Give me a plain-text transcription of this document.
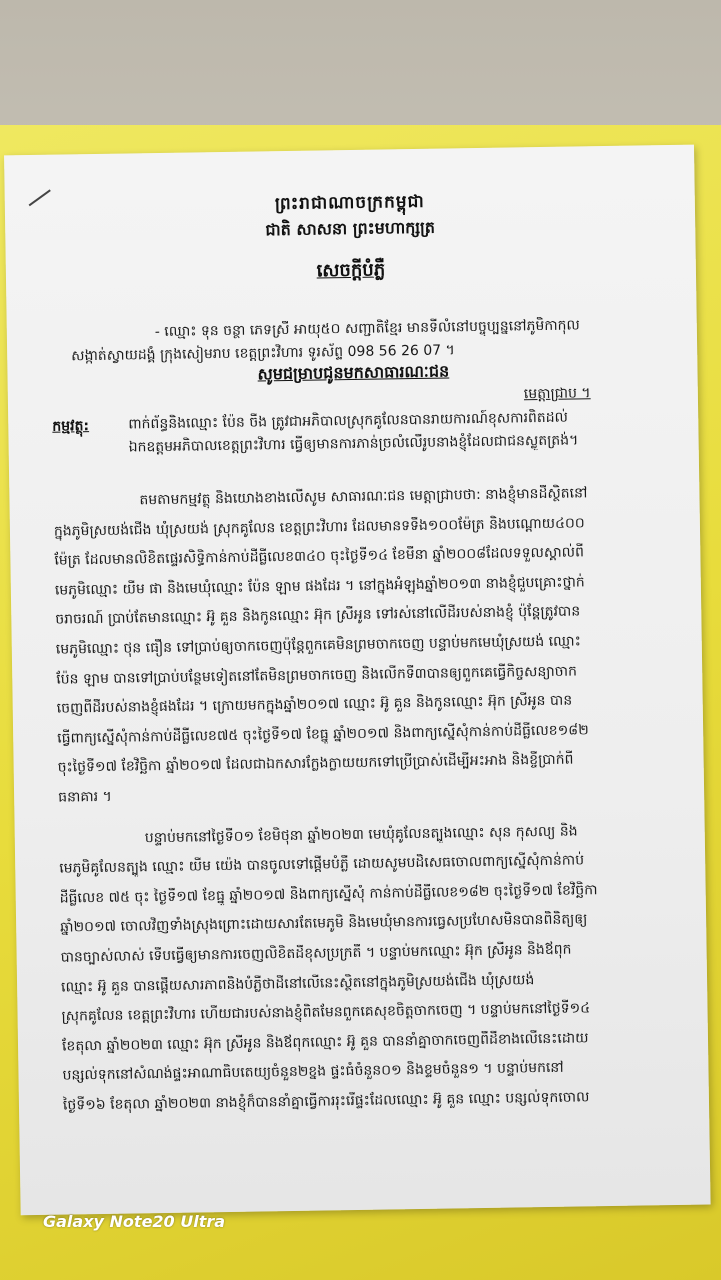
ព្រះរាជាណាចក្រកម្ពុជា
ជាតិ សាសនា ព្រះមហាក្សត្រ
សេចក្ដីបំភ្លឺ
- ឈ្មោះ ទុន ចន្ថា ភេទស្រី អាយុ៥០ សញ្ជាតិខ្មែរ មានទីលំនៅបច្ចុប្បន្ននៅភូមិកាកុល
សង្កាត់ស្វាយដង្គំ ក្រុងសៀមរាប ខេត្តព្រះវិហារ ទូរស័ព្ទ 098 56 26 07 ។
សូមជម្រាបជូនមកសាធារណៈជន
មេត្តាជ្រាប ។
កម្មវត្ថុ:	ពាក់ព័ន្ធនិងឈ្មោះ ប៉ែន ចឹង ត្រូវជាអភិបាលស្រុកគូលែនបានរាយការណ៍ខុសការពិតដល់
ឯកឧត្តមអភិបាលខេត្តព្រះវិហារ ធ្វើឲ្យមានការភាន់ច្រលំលើរូបនាងខ្ញុំដែលជាជនស្លូតត្រង់។
តមតាមកម្មវត្ថុ និងយោងខាងលើសូម សាធារណៈជន មេត្តាជ្រាបថា: នាងខ្ញុំមានដីស្ថិតនៅ
ក្នុងភូមិស្រយង់ជើង ឃុំស្រយង់ ស្រុកគូលែន ខេត្តព្រះវិហារ ដែលមានទទឹង១០០ម៉ែត្រ និងបណ្ដោយ៤០០
ម៉ែត្រ ដែលមានលិខិតផ្ទេរសិទ្ធិកាន់កាប់ដីធ្លីលេខ៣៤០ ចុះថ្ងៃទី១៤ ខែមីនា ឆ្នាំ២០០៨ដែលទទួលស្គាល់ពី
មេភូមិឈ្មោះ យឹម ផា និងមេឃុំឈ្មោះ ប៉ែន ឡាម ផងដែរ ។ នៅក្នុងអំឡុងឆ្នាំ២០១៣ នាងខ្ញុំជួបគ្រោះថ្នាក់
ចរាចរណ៍ ប្រាប់តែមានឈ្មោះ អ៊ូ គួន និងកូនឈ្មោះ អ៊ុក ស្រីអូន ទៅរស់នៅលើដីរបស់នាងខ្ញុំ ប៉ុន្តែត្រូវបាន
មេភូមិឈ្មោះ ថុន ធឿន ទៅប្រាប់ឲ្យចាកចេញប៉ុន្តែពួកគេមិនព្រមចាកចេញ បន្ទាប់មកមេឃុំស្រយង់ ឈ្មោះ
ប៉ែន ឡាម បានទៅប្រាប់បន្ថែមទៀតនៅតែមិនព្រមចាកចេញ និងលើកទី៣បានឲ្យពួកគេធ្វើកិច្ចសន្យាចាក
ចេញពីដីរបស់នាងខ្ញុំផងដែរ ។ ក្រោយមកក្នុងឆ្នាំ២០១៧ ឈ្មោះ អ៊ូ គួន និងកូនឈ្មោះ អ៊ុក ស្រីអូន បាន
ធ្វើពាក្យស្នើសុំកាន់កាប់ដីធ្លីលេខ៧៥ ចុះថ្ងៃទី១៧ ខែធ្នូ ឆ្នាំ២០១៧ និងពាក្យស្នើសុំកាន់កាប់ដីធ្លីលេខ១៨២
ចុះថ្ងៃទី១៧ ខែវិច្ឆិកា ឆ្នាំ២០១៧ ដែលជាឯកសារក្លែងក្លាយយកទៅប្រើប្រាស់ដើម្បីអះអាង និងខ្ចីប្រាក់ពី
ធនាគារ ។
បន្ទាប់មកនៅថ្ងៃទី០១ ខែមិថុនា ឆ្នាំ២០២៣ មេឃុំគូលែនត្បូងឈ្មោះ សុន កុសល្យ និង
មេភូមិគូលែនត្បូង ឈ្មោះ យឹម យ៉េង បានចូលទៅផ្ដើមបំភ្លឺ ដោយសូមបដិសេធចោលពាក្យស្នើសុំកាន់កាប់
ដីធ្លីលេខ ៧៥ ចុះ ថ្ងៃទី១៧ ខែធ្នូ ឆ្នាំ២០១៧ និងពាក្យស្នើសុំ កាន់កាប់ដីធ្លីលេខ១៨២ ចុះថ្ងៃទី១៧ ខែវិច្ឆិកា
ឆ្នាំ២០១៧ ចោលវិញទាំងស្រុងព្រោះដោយសារតែមេភូមិ និងមេឃុំមានការធ្វេសប្រហែសមិនបានពិនិត្យឲ្យ
បានច្បាស់លាស់ ទើបធ្វើឲ្យមានការចេញលិខិតដីខុសប្រក្រតី ។ បន្ទាប់មកឈ្មោះ អ៊ុក ស្រីអូន និងឪពុក
ឈ្មោះ អ៊ូ គួន បានផ្ដើយសារភាពនិងបំភ្លឺថាដីនៅលើនេះស្ថិតនៅក្នុងភូមិស្រយង់ជើង ឃុំស្រយង់
ស្រុកគូលែន ខេត្តព្រះវិហារ ហើយជារបស់នាងខ្ញុំពិតមែនពួកគេសុខចិត្តចាកចេញ ។ បន្ទាប់មកនៅថ្ងៃទី១៤
ខែតុលា ឆ្នាំ២០២៣ ឈ្មោះ អ៊ុក ស្រីអូន និងឪពុកឈ្មោះ អ៊ូ គួន បាននាំគ្នាចាកចេញពីដីខាងលើនេះដោយ
បន្សល់ទុកនៅសំណង់ផ្ទះអាណាធិបតេយ្យចំនួន២ខ្នង ផ្ទះធំចំនួន០១ និងខ្ទមចំនួន១ ។ បន្ទាប់មកនៅ
ថ្ងៃទី១៦ ខែតុលា ឆ្នាំ២០២៣ នាងខ្ញុំក៏បាននាំគ្នាធ្វើការរុះរើផ្ទះដែលឈ្មោះ អ៊ូ គួន ឈ្មោះ បន្សល់ទុកចោល
Galaxy Note20 Ultra
